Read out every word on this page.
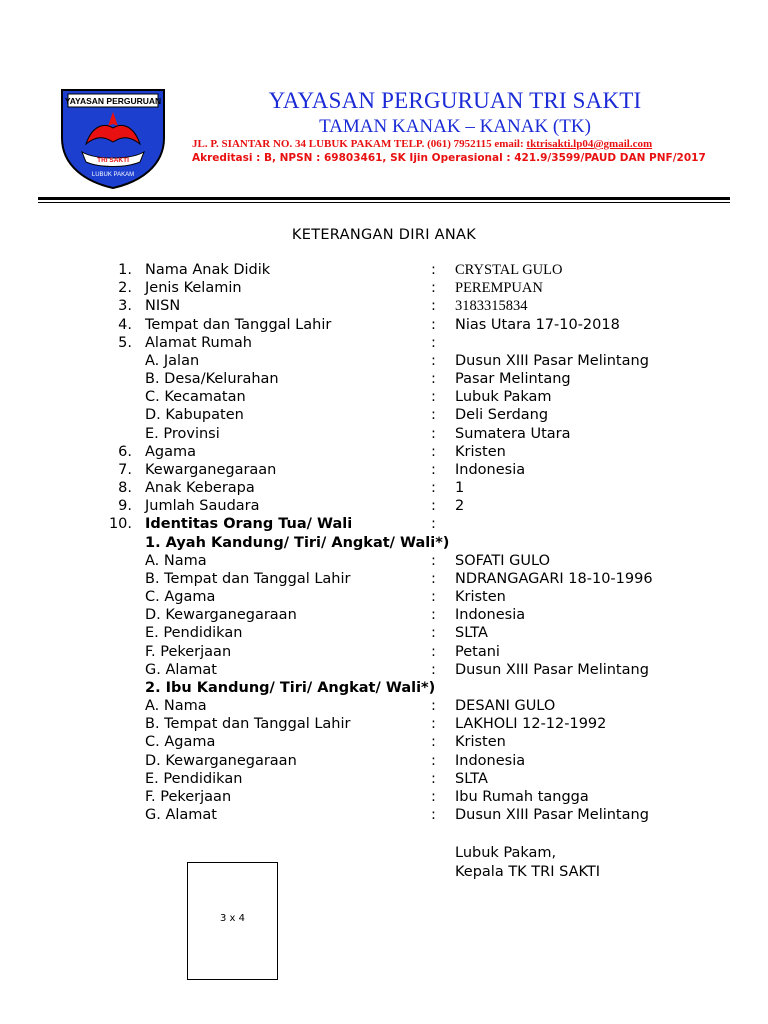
YAYASAN PERGURUAN
TRI SAKTI
LUBUK PAKAM
YAYASAN PERGURUAN TRI SAKTI
TAMAN KANAK – KANAK (TK)
JL. P. SIANTAR NO. 34 LUBUK PAKAM TELP. (061) 7952115 email: tktrisakti.lp04@gmail.com
Akreditasi : B, NPSN : 69803461, SK Ijin Operasional : 421.9/3599/PAUD DAN PNF/2017
KETERANGAN DIRI ANAK
1. Nama Anak Didik	: CRYSTAL GULO
2. Jenis Kelamin	: PEREMPUAN
3. NISN	: 3183315834
4. Tempat dan Tanggal Lahir	: Nias Utara 17-10-2018
5. Alamat Rumah	:
A. Jalan	: Dusun XIII Pasar Melintang
B. Desa/Kelurahan	: Pasar Melintang
C. Kecamatan	: Lubuk Pakam
D. Kabupaten	: Deli Serdang
E. Provinsi	: Sumatera Utara
6. Agama	: Kristen
7. Kewarganegaraan	: Indonesia
8. Anak Keberapa	: 1
9. Jumlah Saudara	: 2
10. Identitas Orang Tua/ Wali	:
1. Ayah Kandung/ Tiri/ Angkat/ Wali*)
A. Nama	: SOFATI GULO
B. Tempat dan Tanggal Lahir	: NDRANGAGARI 18-10-1996
C. Agama	: Kristen
D. Kewarganegaraan	: Indonesia
E. Pendidikan	: SLTA
F. Pekerjaan	: Petani
G. Alamat	: Dusun XIII Pasar Melintang
2. Ibu Kandung/ Tiri/ Angkat/ Wali*)
A. Nama	: DESANI GULO
B. Tempat dan Tanggal Lahir	: LAKHOLI 12-12-1992
C. Agama	: Kristen
D. Kewarganegaraan	: Indonesia
E. Pendidikan	: SLTA
F. Pekerjaan	: Ibu Rumah tangga
G. Alamat	: Dusun XIII Pasar Melintang
Lubuk Pakam,
Kepala TK TRI SAKTI
3 x 4
